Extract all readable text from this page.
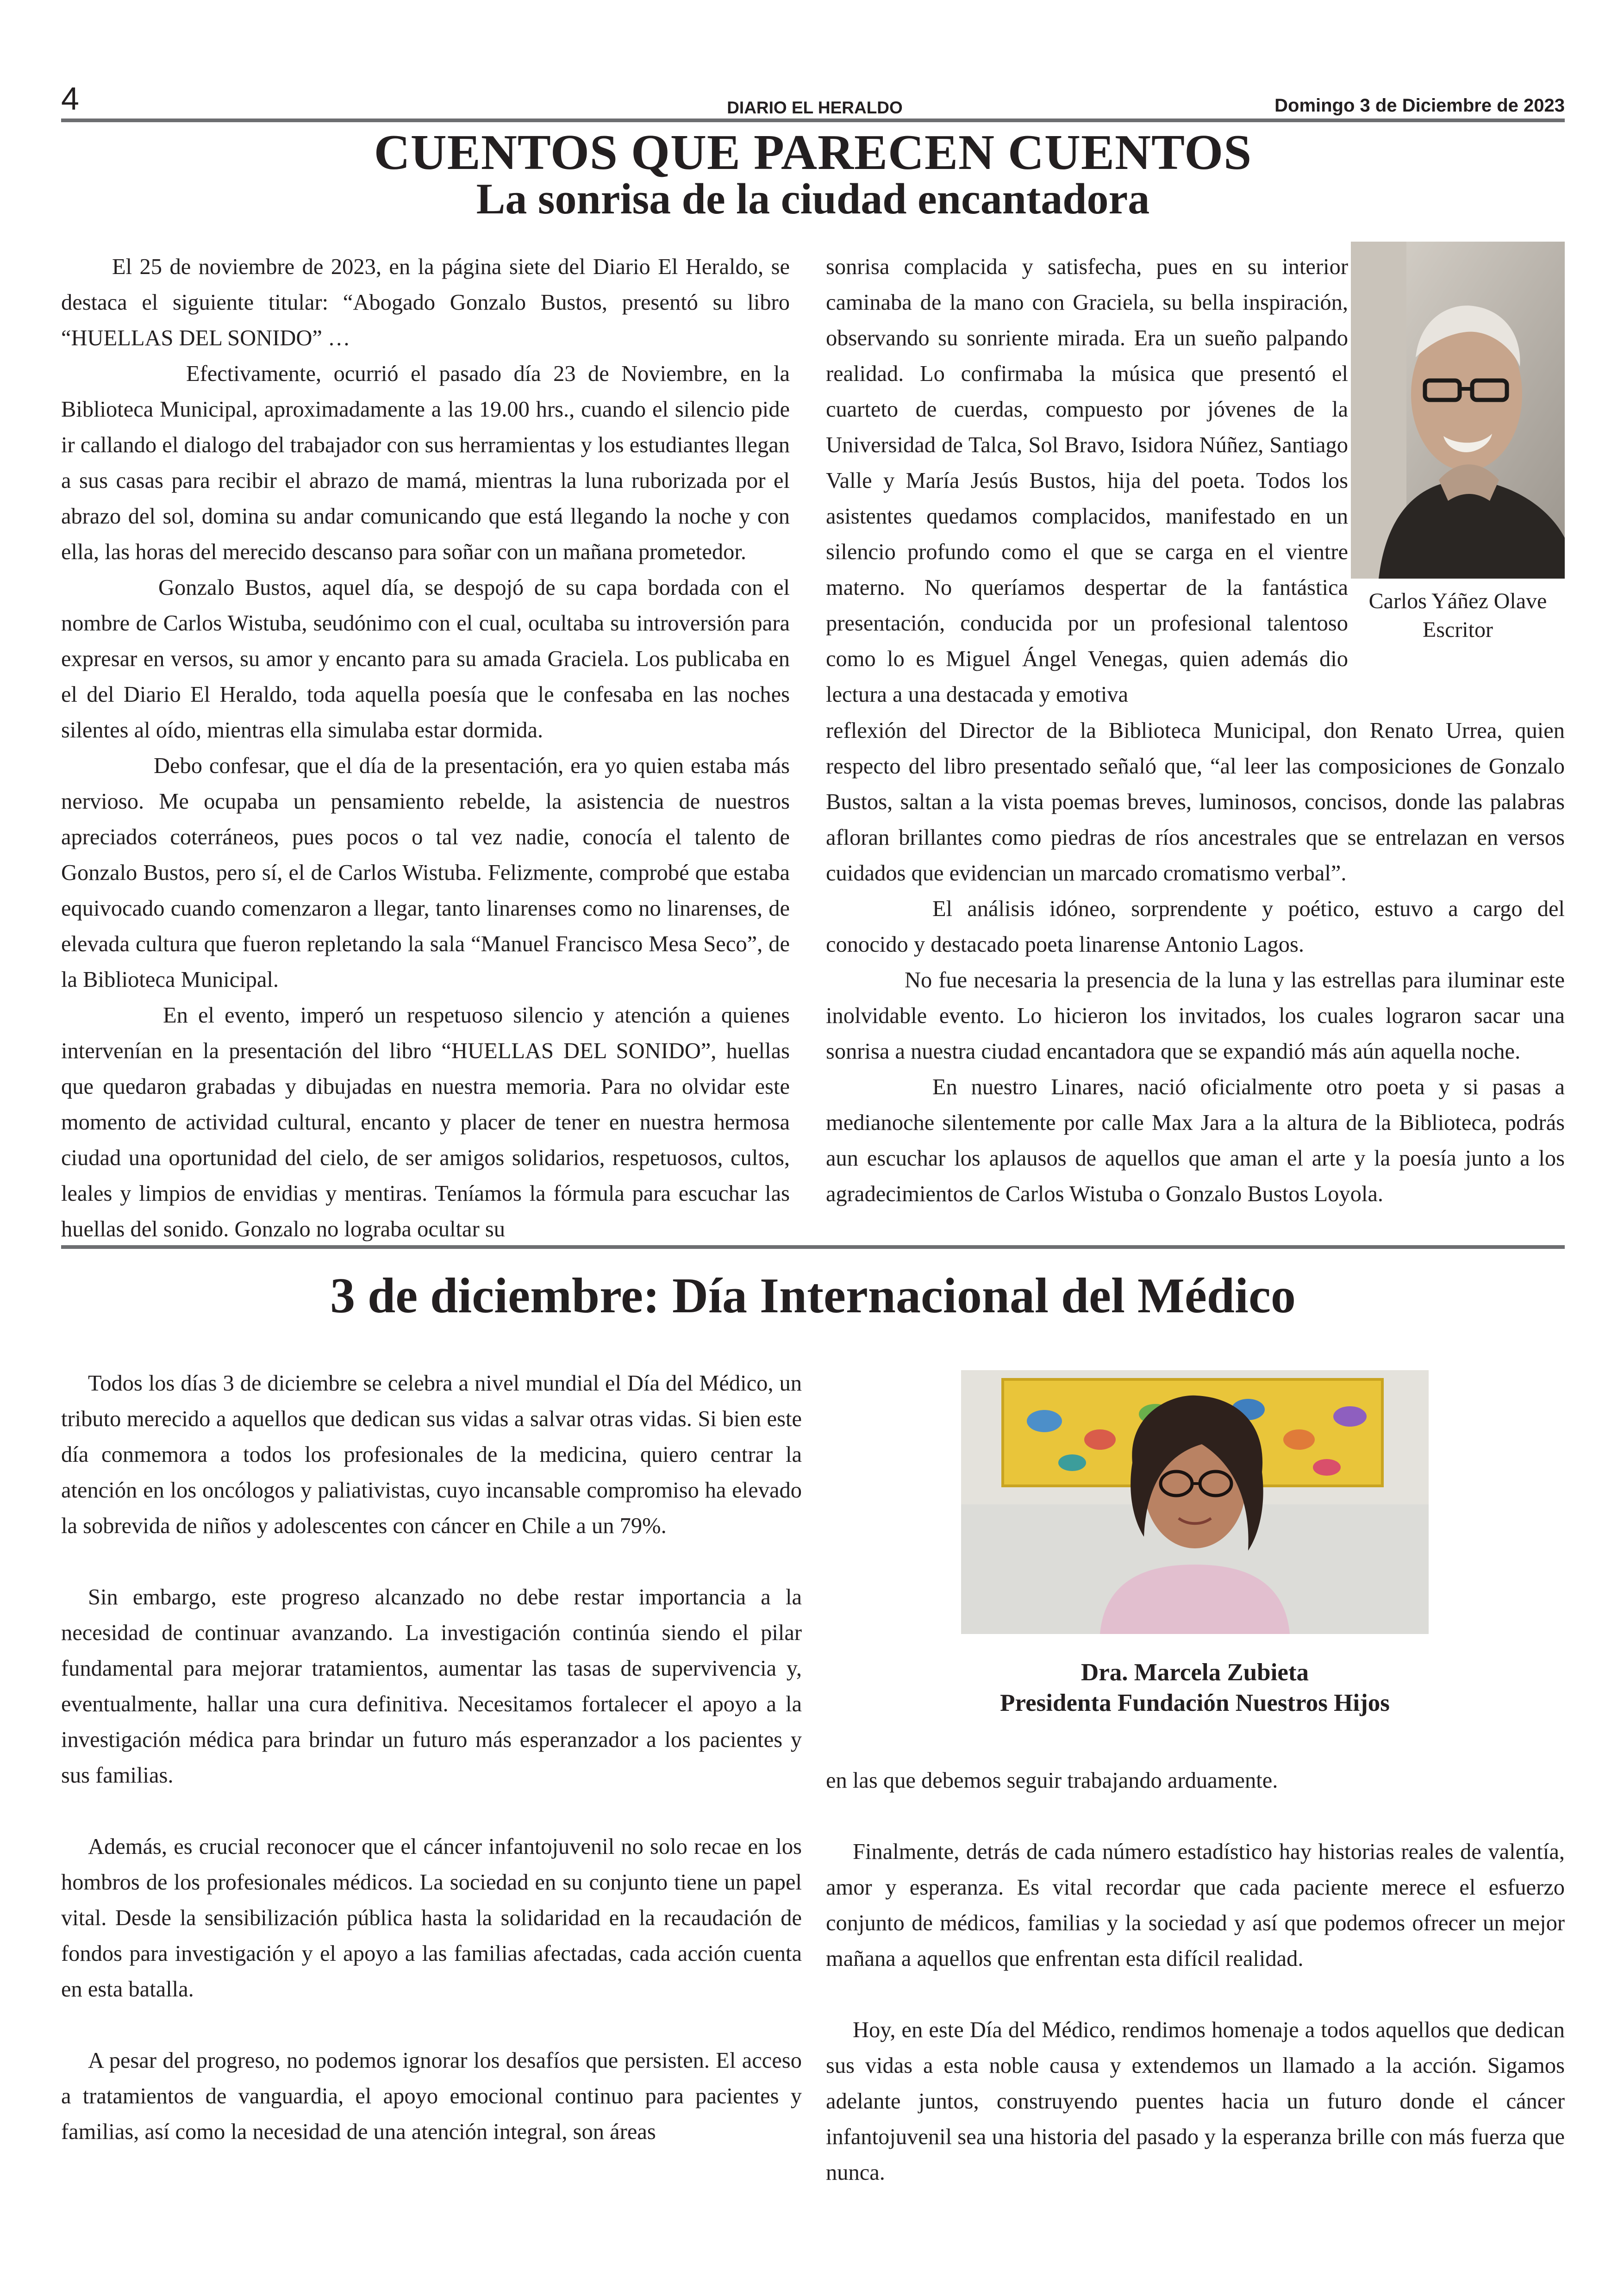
4	DIARIO EL HERALDO	Domingo 3 de Diciembre de 2023
CUENTOS QUE PARECEN CUENTOS
La sonrisa de la ciudad encantadora

El 25 de noviembre de 2023, en la página siete del Diario El Heraldo, se destaca el siguiente titular: “Abogado Gonzalo Bustos, presentó su libro “HUELLAS DEL SONIDO” …

Efectivamente, ocurrió el pasado día 23 de Noviembre, en la Biblioteca Municipal, aproximadamente a las 19.00 hrs., cuando el silencio pide ir callando el dialogo del trabajador con sus herramientas y los estudiantes llegan a sus casas para recibir el abrazo de mamá, mientras la luna ruborizada por el abrazo del sol, domina su andar comunicando que está llegando la noche y con ella, las horas del merecido descanso para soñar con un mañana prometedor.

Gonzalo Bustos, aquel día, se despojó de su capa bordada con el nombre de Carlos Wistuba, seudónimo con el cual, ocultaba su introversión para expresar en versos, su amor y encanto para su amada Graciela. Los publicaba en el del Diario El Heraldo, toda aquella poesía que le confesaba en las noches silentes al oído, mientras ella simulaba estar dormida.

Debo confesar, que el día de la presentación, era yo quien estaba más nervioso. Me ocupaba un pensamiento rebelde, la asistencia de nuestros apreciados coterráneos, pues pocos o tal vez nadie, conocía el talento de Gonzalo Bustos, pero sí, el de Carlos Wistuba. Felizmente, comprobé que estaba equivocado cuando comenzaron a llegar, tanto linarenses como no linarenses, de elevada cultura que fueron repletando la sala “Manuel Francisco Mesa Seco”, de la Biblioteca Municipal.

En el evento, imperó un respetuoso silencio y atención a quienes intervenían en la presentación del libro “HUELLAS DEL SONIDO”, huellas que quedaron grabadas y dibujadas en nuestra memoria. Para no olvidar este momento de actividad cultural, encanto y placer de tener en nuestra hermosa ciudad una oportunidad del cielo, de ser amigos solidarios, respetuosos, cultos, leales y limpios de envidias y mentiras. Teníamos la fórmula para escuchar las huellas del sonido. Gonzalo no lograba ocultar su

sonrisa complacida y satisfecha, pues en su interior caminaba de la mano con Graciela, su bella inspiración, observando su sonriente mirada. Era un sueño palpando realidad. Lo confirmaba la música que presentó el cuarteto de cuerdas, compuesto por jóvenes de la Universidad de Talca, Sol Bravo, Isidora Núñez, Santiago Valle y María Jesús Bustos, hija del poeta. Todos los asistentes quedamos complacidos, manifestado en un silencio profundo como el que se carga en el vientre materno. No queríamos despertar de la fantástica presentación, conducida por un profesional talentoso como lo es Miguel Ángel Venegas, quien además dio lectura a una destacada y emotiva

Carlos Yáñez Olave
Escritor

reflexión del Director de la Biblioteca Municipal, don Renato Urrea, quien respecto del libro presentado señaló que, “al leer las composiciones de Gonzalo Bustos, saltan a la vista poemas breves, luminosos, concisos, donde las palabras afloran brillantes como piedras de ríos ancestrales que se entrelazan en versos cuidados que evidencian un marcado cromatismo verbal”.

El análisis idóneo, sorprendente y poético, estuvo a cargo del conocido y destacado poeta linarense Antonio Lagos.

No fue necesaria la presencia de la luna y las estrellas para iluminar este inolvidable evento. Lo hicieron los invitados, los cuales lograron sacar una sonrisa a nuestra ciudad encantadora que se expandió más aún aquella noche.

En nuestro Linares, nació oficialmente otro poeta y si pasas a medianoche silentemente por calle Max Jara a la altura de la Biblioteca, podrás aun escuchar los aplausos de aquellos que aman el arte y la poesía junto a los agradecimientos de Carlos Wistuba o Gonzalo Bustos Loyola.

3 de diciembre: Día Internacional del Médico

Todos los días 3 de diciembre se celebra a nivel mundial el Día del Médico, un tributo merecido a aquellos que dedican sus vidas a salvar otras vidas. Si bien este día conmemora a todos los profesionales de la medicina, quiero centrar la atención en los oncólogos y paliativistas, cuyo incansable compromiso ha elevado la sobrevida de niños y adolescentes con cáncer en Chile a un 79%.

Sin embargo, este progreso alcanzado no debe restar importancia a la necesidad de continuar avanzando. La investigación continúa siendo el pilar fundamental para mejorar tratamientos, aumentar las tasas de supervivencia y, eventualmente, hallar una cura definitiva. Necesitamos fortalecer el apoyo a la investigación médica para brindar un futuro más esperanzador a los pacientes y sus familias.

Además, es crucial reconocer que el cáncer infantojuvenil no solo recae en los hombros de los profesionales médicos. La sociedad en su conjunto tiene un papel vital. Desde la sensibilización pública hasta la solidaridad en la recaudación de fondos para investigación y el apoyo a las familias afectadas, cada acción cuenta en esta batalla.

A pesar del progreso, no podemos ignorar los desafíos que persisten. El acceso a tratamientos de vanguardia, el apoyo emocional continuo para pacientes y familias, así como la necesidad de una atención integral, son áreas

Dra. Marcela Zubieta
Presidenta Fundación Nuestros Hijos

en las que debemos seguir trabajando arduamente.

Finalmente, detrás de cada número estadístico hay historias reales de valentía, amor y esperanza. Es vital recordar que cada paciente merece el esfuerzo conjunto de médicos, familias y la sociedad y así que podemos ofrecer un mejor mañana a aquellos que enfrentan esta difícil realidad.

Hoy, en este Día del Médico, rendimos homenaje a todos aquellos que dedican sus vidas a esta noble causa y extendemos un llamado a la acción. Sigamos adelante juntos, construyendo puentes hacia un futuro donde el cáncer infantojuvenil sea una historia del pasado y la esperanza brille con más fuerza que nunca.
